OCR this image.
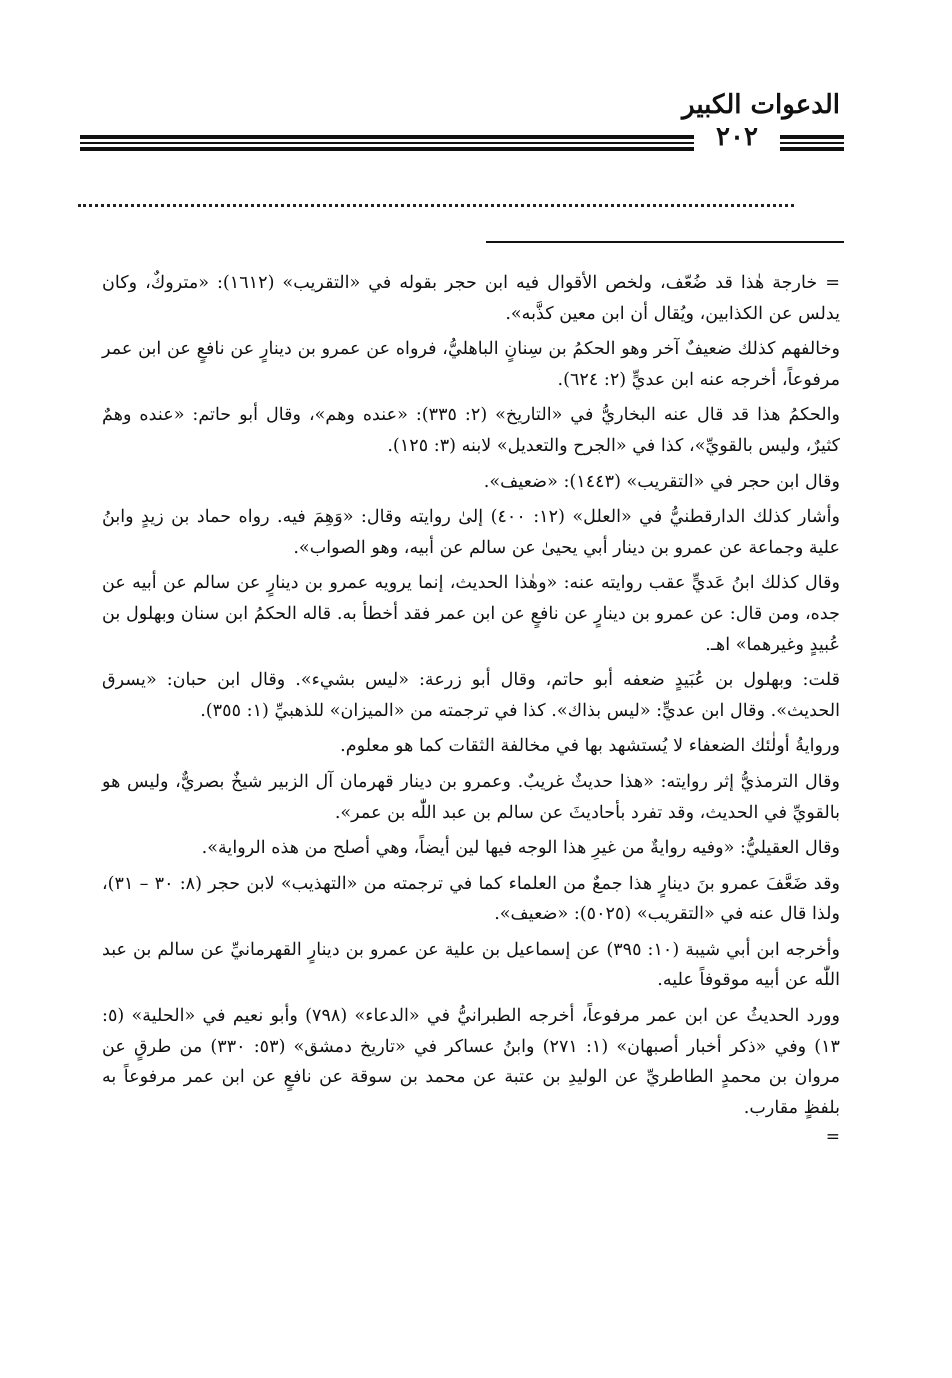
الدعوات الكبير
٢٠٢

= خارجة هٰذا قد ضُعّف، ولخص الأقوال فيه ابن حجر بقوله في «التقريب» (١٦١٢): «متروكٌ، وكان يدلس عن الكذابين، ويُقال أن ابن معين كذَّبه».

وخالفهم كذلك ضعيفٌ آخر وهو الحكمُ بن سِنانٍ الباهليُّ، فرواه عن عمرو بن دينارٍ عن نافعٍ عن ابن عمر مرفوعاً، أخرجه عنه ابن عديٍّ (٢: ٦٢٤).

والحكمُ هذا قد قال عنه البخاريُّ في «التاريخ» (٢: ٣٣٥): «عنده وهم»، وقال أبو حاتم: «عنده وهمٌ كثيرٌ، وليس بالقويِّ»، كذا في «الجرح والتعديل» لابنه (٣: ١٢٥).

وقال ابن حجر في «التقريب» (١٤٤٣): «ضعيف».

وأشار كذلك الدارقطنيُّ في «العلل» (١٢: ٤٠٠) إلىٰ روايته وقال: «وَهِمَ فيه. رواه حماد بن زيدٍ وابنُ علية وجماعة عن عمرو بن دينار أبي يحيىٰ عن سالم عن أبيه، وهو الصواب».

وقال كذلك ابنُ عَديٍّ عقب روايته عنه: «وهٰذا الحديث، إنما يرويه عمرو بن دينارٍ عن سالم عن أبيه عن جده، ومن قال: عن عمرو بن دينارٍ عن نافعٍ عن ابن عمر فقد أخطأ به. قاله الحكمُ ابن سنان وبهلول بن عُبيدٍ وغيرهما» اهـ.

قلت: وبهلول بن عُبَيدٍ ضعفه أبو حاتم، وقال أبو زرعة: «ليس بشيء». وقال ابن حبان: «يسرق الحديث». وقال ابن عديٍّ: «ليس بذاك». كذا في ترجمته من «الميزان» للذهبيِّ (١: ٣٥٥).

وروايةُ أولٰئك الضعفاء لا يُستشهد بها في مخالفة الثقات كما هو معلوم.

وقال الترمذيُّ إثر روايته: «هذا حديثٌ غريبٌ. وعمرو بن دينار قهرمان آل الزبير شيخٌ بصريٌّ، وليس هو بالقويِّ في الحديث، وقد تفرد بأحاديثَ عن سالم بن عبد اللّٰه بن عمر».

وقال العقيليُّ: «وفيه روايةٌ من غيرِ هذا الوجه فيها لين أيضاً، وهي أصلح من هذه الرواية».

وقد ضَعَّفَ عمرو بنَ دينارٍ هذا جمعٌ من العلماء كما في ترجمته من «التهذيب» لابن حجر (٨: ٣٠ – ٣١)، ولذا قال عنه في «التقريب» (٥٠٢٥): «ضعيف».

وأخرجه ابن أبي شيبة (١٠: ٣٩٥) عن إسماعيل بن علية عن عمرو بن دينارٍ القهرمانيِّ عن سالم بن عبد اللّٰه عن أبيه موقوفاً عليه.

وورد الحديثُ عن ابن عمر مرفوعاً، أخرجه الطبرانيُّ في «الدعاء» (٧٩٨) وأبو نعيم في «الحلية» (٥: ١٣) وفي «ذكر أخبار أصبهان» (١: ٢٧١) وابنُ عساكر في «تاريخ دمشق» (٥٣: ٣٣٠) من طرقٍ عن مروان بن محمدٍ الطاطريِّ عن الوليدِ بن عتبة عن محمد بن سوقة عن نافعٍ عن ابن عمر مرفوعاً به بلفظٍ مقارب.

=
